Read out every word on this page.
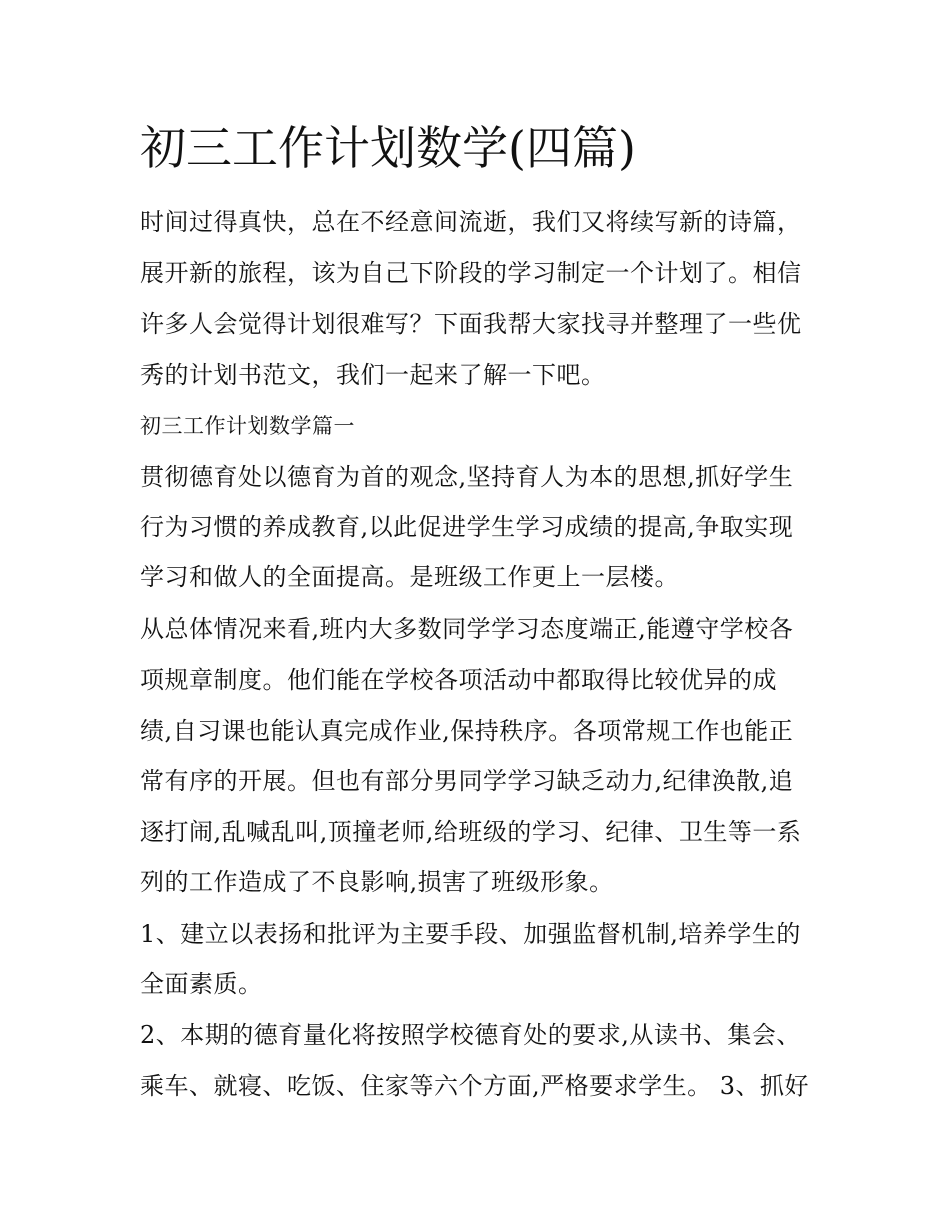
初三工作计划数学(四篇)
时间过得真快，总在不经意间流逝，我们又将续写新的诗篇，
展开新的旅程，该为自己下阶段的学习制定一个计划了。相信
许多人会觉得计划很难写？下面我帮大家找寻并整理了一些优
秀的计划书范文，我们一起来了解一下吧。
初三工作计划数学篇一
贯彻德育处以德育为首的观念,坚持育人为本的思想,抓好学生
行为习惯的养成教育,以此促进学生学习成绩的提高,争取实现
学习和做人的全面提高。是班级工作更上一层楼。
从总体情况来看,班内大多数同学学习态度端正,能遵守学校各
项规章制度。他们能在学校各项活动中都取得比较优异的成
绩,自习课也能认真完成作业,保持秩序。各项常规工作也能正
常有序的开展。但也有部分男同学学习缺乏动力,纪律涣散,追
逐打闹,乱喊乱叫,顶撞老师,给班级的学习、纪律、卫生等一系
列的工作造成了不良影响,损害了班级形象。
1、建立以表扬和批评为主要手段、加强监督机制,培养学生的
全面素质。
2、本期的德育量化将按照学校德育处的要求,从读书、集会、
乘车、就寝、吃饭、住家等六个方面,严格要求学生。 3、抓好
